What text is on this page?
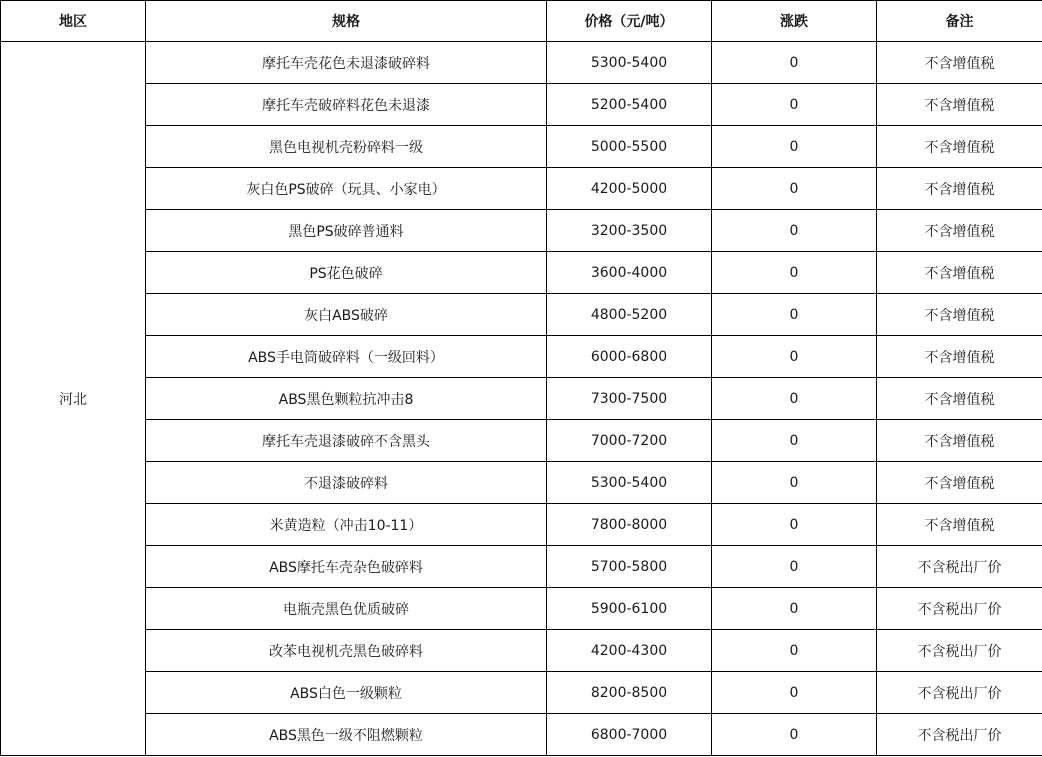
地区	规格	价格（元/吨）	涨跌	备注
河北	摩托车壳花色未退漆破碎料	5300-5400	0	不含增值税
	摩托车壳破碎料花色未退漆	5200-5400	0	不含增值税
	黑色电视机壳粉碎料一级	5000-5500	0	不含增值税
	灰白色PS破碎（玩具、小家电）	4200-5000	0	不含增值税
	黑色PS破碎普通料	3200-3500	0	不含增值税
	PS花色破碎	3600-4000	0	不含增值税
	灰白ABS破碎	4800-5200	0	不含增值税
	ABS手电筒破碎料（一级回料）	6000-6800	0	不含增值税
	ABS黑色颗粒抗冲击8	7300-7500	0	不含增值税
	摩托车壳退漆破碎不含黑头	7000-7200	0	不含增值税
	不退漆破碎料	5300-5400	0	不含增值税
	米黄造粒（冲击10-11）	7800-8000	0	不含增值税
	ABS摩托车壳杂色破碎料	5700-5800	0	不含税出厂价
	电瓶壳黑色优质破碎	5900-6100	0	不含税出厂价
	改苯电视机壳黑色破碎料	4200-4300	0	不含税出厂价
	ABS白色一级颗粒	8200-8500	0	不含税出厂价
	ABS黑色一级不阻燃颗粒	6800-7000	0	不含税出厂价
